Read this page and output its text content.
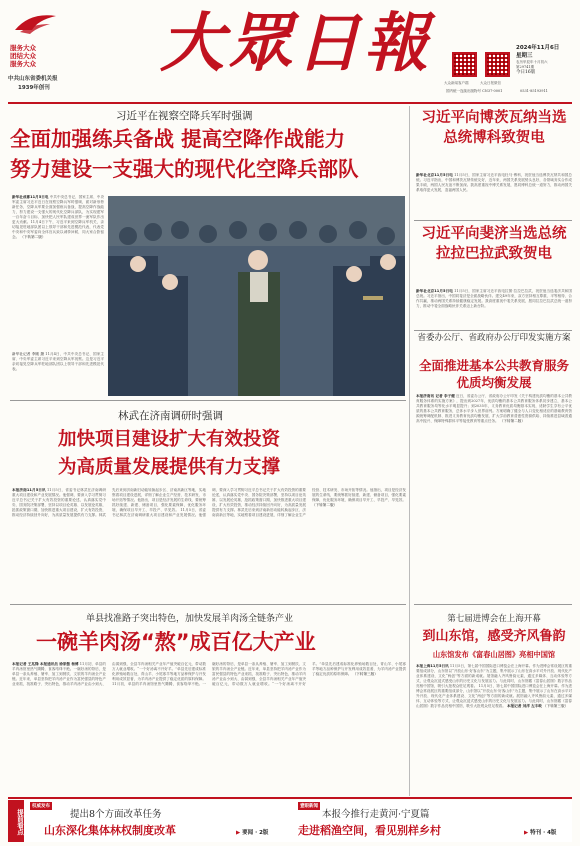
服务大众
团结大众
服务大众
中共山东省委机关报
1939年创刊
大眾日報
大众新闻客户端	大众日报微信
2024年11月6日
星期三
农历甲辰年十月初六
第29741期
今日16版
国内统一连续出版物号 CN37-0001	0531-85193911
习近平在视察空降兵军时强调
全面加强练兵备战 提高空降作战能力
努力建设一支强大的现代化空降兵部队
新华社成都11月5日电 中共中央总书记、国家主席、中央军委主席习近平近日在视察空降兵军时强调，面对新形势新任务，空降兵军要全面加强练兵备战，提高空降作战能力，努力建设一支强大的现代化空降兵部队，为实现建军一百年奋斗目标、加快把人民军队建成世界一流军队作出更大贡献。11月4日下午，习近平来到空降兵军机关，亲切接见驻地部队团以上领导干部和先进模范代表，代表党中央和中央军委向全体官兵致以诚挚问候，同大家合影留念。 （下转第二版）
新华社记者 李刚 摄 11月4日，中共中央总书记、国家主席、中央军委主席习近平来到空降兵军视察。这是习近平亲切接见空降兵军驻地部队团以上领导干部和先进模范代表。
习近平向博茨瓦纳当选总统博科致贺电
新华社北京11月5日电 11月5日，国家主席习近平致电杜马·博科，祝贺他当选博茨瓦纳共和国总统。习近平指出，中国和博茨瓦纳传统友好，近年来，两国关系发展势头良好，各领域务实合作成果丰硕，两国人民友谊不断加深。我高度重视中博关系发展，愿同博科总统一道努力，推动两国关系取得更大发展，造福两国人民。
习近平向斐济当选总统拉拉巴拉武致贺电
新华社北京11月5日电 11月5日，国家主席习近平致电拉图·拉拉巴拉武，祝贺他当选斐济共和国总统。习近平指出，中国同斐济是全面战略伙伴。建交49年来，双方坚持相互尊重、平等相待、合作共赢，推动两国关系持续健康稳定发展。我高度重视中斐关系发展，愿同拉拉巴拉武总统一道努力，推动中斐全面战略伙伴关系迈上新台阶。
省委办公厅、省政府办公厅印发实施方案
全面推进基本公共教育服务优质均衡发展
本报济南讯 记者 李子健 近日，省委办公厅、省政府办公厅印发《关于构建优质均衡的基本公共教育服务体系的实施方案》，提出到2027年，优质均衡的基本公共教育服务体系初步建立，基本公共教育服务均等化水平明显提升；到2035年，义务教育优质均衡基本实现，适龄学生享有公平优质的基本公共教育服务，总体水平步入世界前列。方案明确了健全与人口变化相适应的基础教育资源统筹调配机制、推进义务教育优质均衡发展、扩大学前教育普惠性资源供给、持续推进县域普通高中振兴、保障特殊群体平等接受教育等重点任务。 （下转第二版）
林武在济南调研时强调
加快项目建设扩大有效投资
为高质量发展提供有力支撑
本报济南11月5日讯 11月5日，省委书记林武在济南调研重大项目建设和产业发展情况。他强调，要深入学习贯彻习近平总书记关于扩大有效投资的重要论述，认真落实党中央、国务院决策部署，坚持以项目论英雄、以发展论英雄，抢抓政策窗口期，加快推进重大项目建设，扩大有效投资，推动经济持续回升向好，为高质量发展提供有力支撑。林武先后来到济南新旧动能转换起步区、济南高新区等地，实地察看项目建设进展，详细了解企业生产经营、技术研发、市场开拓等情况。他指出，项目是经济发展的生命线，要统筹抓好续建、新建、储备项目，强化要素保障，优化服务环境，确保项目早开工、早投产、早见效。 11月5日，省委书记林武在济南调研重大项目建设和产业发展情况。他强调，要深入学习贯彻习近平总书记关于扩大有效投资的重要论述，认真落实党中央、国务院决策部署，坚持以项目论英雄、以发展论英雄，抢抓政策窗口期，加快推进重大项目建设，扩大有效投资，推动经济持续回升向好，为高质量发展提供有力支撑。林武先后来到济南新旧动能转换起步区、济南高新区等地，实地察看项目建设进展，详细了解企业生产经营、技术研发、市场开拓等情况。他指出，项目是经济发展的生命线，要统筹抓好续建、新建、储备项目，强化要素保障，优化服务环境，确保项目早开工、早投产、早见效。 （下转第二版）
单县找准路子突出特色，加快发展羊肉汤全链条产业
一碗羊肉汤“熬”成百亿大产业
本报记者 王兆锋 本报通讯员 徐家傲 杨博 11月初，单县的羊肉汤馆里热气腾腾，食客络绎不绝。一碗好汤的背后，是单县一条从养殖、屠宰、加工到餐饮、文旅的羊肉汤全产业链。近年来，单县坚持把羊肉汤产业作为富民强县的特色产业来抓，找准路子、突出特色，推动羊肉汤产业由小到大、由弱到强，全县羊肉汤相关产业年产值突破百亿元，带动数万人就业增收。“一个好汤离不开好羊。”单县先后建成标准化养殖场数百处，青山羊、小尾寒羊等地方品种保护与开发利用成效显著，为羊肉汤产业提供了稳定优质的原料保障。 11月初，单县的羊肉汤馆里热气腾腾，食客络绎不绝。一碗好汤的背后，是单县一条从养殖、屠宰、加工到餐饮、文旅的羊肉汤全产业链。近年来，单县坚持把羊肉汤产业作为富民强县的特色产业来抓，找准路子、突出特色，推动羊肉汤产业由小到大、由弱到强，全县羊肉汤相关产业年产值突破百亿元，带动数万人就业增收。“一个好汤离不开好羊。”单县先后建成标准化养殖场数百处，青山羊、小尾寒羊等地方品种保护与开发利用成效显著，为羊肉汤产业提供了稳定优质的原料保障。 （下转第三版）
第七届进博会在上海开幕
到山东馆，感受齐风鲁韵
山东馆发布《富春山居图》亮相中国馆
本报上海11月5日讯 11月5日，第七届中国国际进口博览会在上海开幕。作为进博会常设展区的重要组成部分，山东馆以“开放山东·好客山东”为主题，集中展示了山东在高水平对外开放、现代化产业体系建设、文化“两创”等方面的新成就。展馆融入齐风鲁韵元素，通过多媒体、互动体验等方式，让观众沉浸式感受山东的历史文化与发展活力。与此同时，山东馆藏《富春山居图》数字作品亮相中国馆，吸引大批观众驻足观看。 11月5日，第七届中国国际进口博览会在上海开幕。作为进博会常设展区的重要组成部分，山东馆以“开放山东·好客山东”为主题，集中展示了山东在高水平对外开放、现代化产业体系建设、文化“两创”等方面的新成就。展馆融入齐风鲁韵元素，通过多媒体、互动体验等方式，让观众沉浸式感受山东的历史文化与发展活力。与此同时，山东馆藏《富春山居图》数字作品亮相中国馆，吸引大批观众驻足观看。 本报记者 刘洋 左丰岐 （下转第三版）
提前看点
权威发布
提出8个方面改革任务
山东深化集体林权制度改革	▶ 要闻 · 2版
壹眼新闻
本报今推行走黄河·宁夏篇
走进稻渔空间，看见别样乡村	▶ 特刊 · 4版
